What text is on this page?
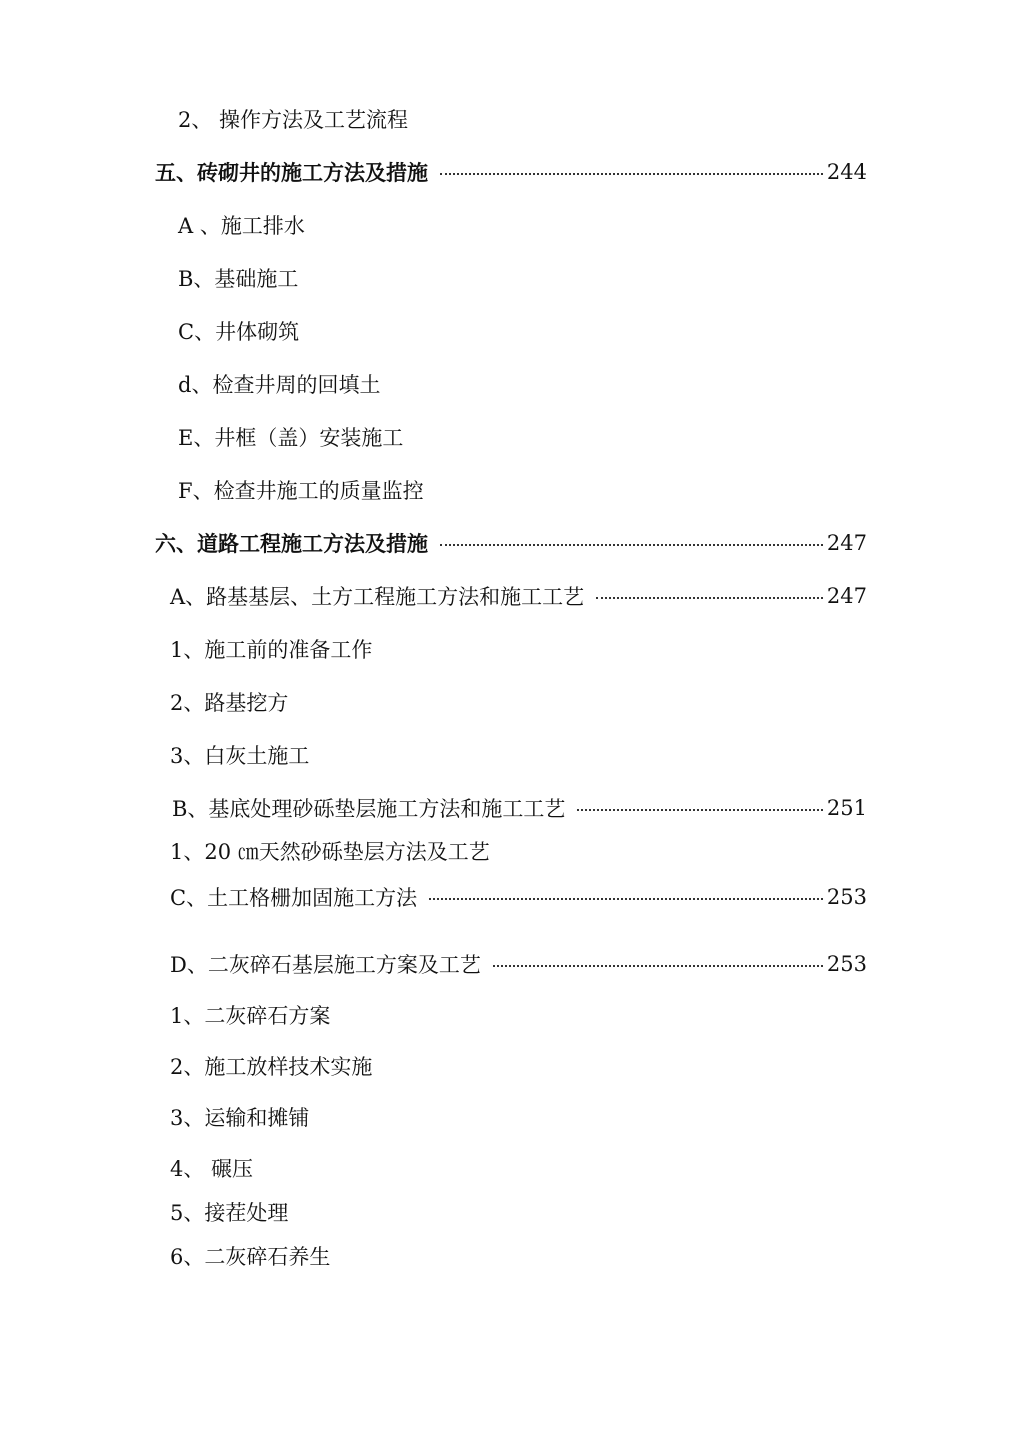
2、 操作方法及工艺流程
五、砖砌井的施工方法及措施	244
A 、施工排水
B、基础施工
C、井体砌筑
d、检查井周的回填土
E、井框（盖）安装施工
F、检查井施工的质量监控
六、道路工程施工方法及措施	247
A、路基基层、土方工程施工方法和施工工艺	247
1、施工前的准备工作
2、路基挖方
3、白灰土施工
B、基底处理砂砾垫层施工方法和施工工艺	251
1、20 ㎝天然砂砾垫层方法及工艺
C、土工格栅加固施工方法	253
D、二灰碎石基层施工方案及工艺	253
1、二灰碎石方案
2、施工放样技术实施
3、运输和摊铺
4、 碾压
5、接茬处理
6、二灰碎石养生
